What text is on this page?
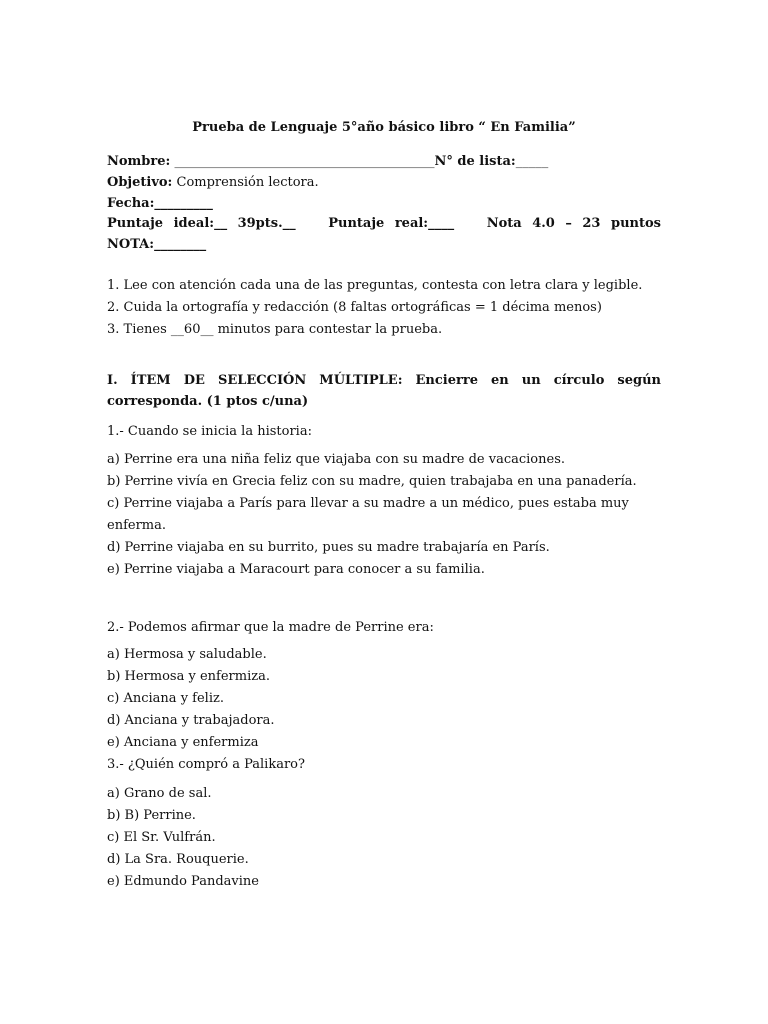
Prueba de Lenguaje 5°año básico libro “ En Familia”
Nombre: ________________________________________N° de lista:_____
Objetivo: Comprensión lectora.
Fecha:_________
Puntaje ideal:__ 39pts.__	Puntaje real:____	Nota 4.0 – 23 puntos
NOTA:________
1. Lee con atención cada una de las preguntas, contesta con letra clara y legible.
2. Cuida la ortografía y redacción (8 faltas ortográficas = 1 décima menos)
3. Tienes __60__ minutos para contestar la prueba.
I. ÍTEM DE SELECCIÓN MÚLTIPLE: Encierre en un círculo según
corresponda. (1 ptos c/una)
1.- Cuando se inicia la historia:
a) Perrine era una niña feliz que viajaba con su madre de vacaciones.
b) Perrine vivía en Grecia feliz con su madre, quien trabajaba en una panadería.
c) Perrine viajaba a París para llevar a su madre a un médico, pues estaba muy
enferma.
d) Perrine viajaba en su burrito, pues su madre trabajaría en París.
e) Perrine viajaba a Maracourt para conocer a su familia.
2.- Podemos afirmar que la madre de Perrine era:
a) Hermosa y saludable.
b) Hermosa y enfermiza.
c) Anciana y feliz.
d) Anciana y trabajadora.
e) Anciana y enfermiza
3.- ¿Quién compró a Palikaro?
a) Grano de sal.
b) B) Perrine.
c) El Sr. Vulfrán.
d) La Sra. Rouquerie.
e) Edmundo Pandavine
